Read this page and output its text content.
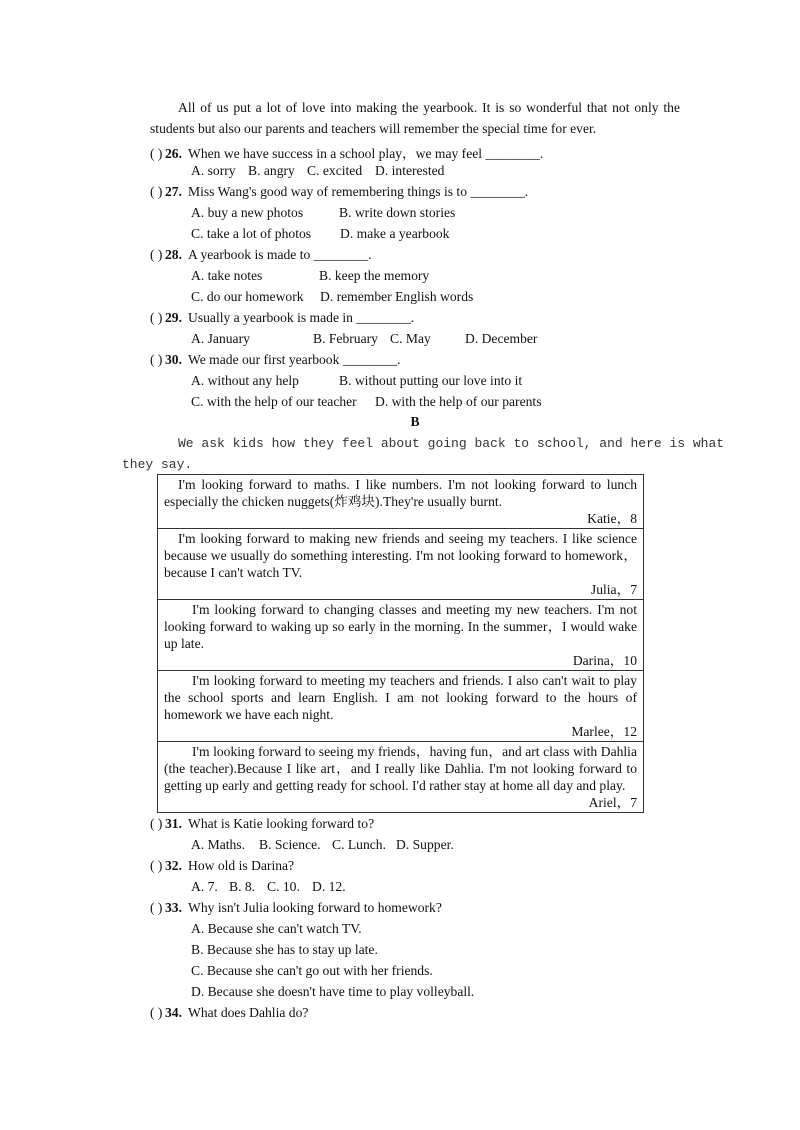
All of us put a lot of love into making the yearbook. It is so wonderful that not only the students but also our parents and teachers will remember the special time for ever.
( ) 26. When we have success in a school play，we may feel ________.
A. sorry B. angry C. excited D. interested
( ) 27. Miss Wang's good way of remembering things is to ________.
A. buy a new photos	B. write down stories
C. take a lot of photos D. make a yearbook
( ) 28. A yearbook is made to ________.
A. take notes	B. keep the memory
C. do our homework D. remember English words
( ) 29. Usually a yearbook is made in ________.
A. January	B. February C. May	D. December
( ) 30. We made our first yearbook ________.
A. without any help	B. without putting our love into it
C. with the help of our teacher D. with the help of our parents
B
We ask kids how they feel about going back to school, and here is what
they say.
I'm looking forward to maths. I like numbers. I'm not looking forward to lunch especially the chicken nuggets(炸鸡块).They're usually burnt.
Katie，8
I'm looking forward to making new friends and seeing my teachers. I like science because we usually do something interesting. I'm not looking forward to homework，because I can't watch TV.
Julia，7
I'm looking forward to changing classes and meeting my new teachers. I'm not looking forward to waking up so early in the morning. In the summer，I would wake up late.
Darina，10
I'm looking forward to meeting my teachers and friends. I also can't wait to play the school sports and learn English. I am not looking forward to the hours of homework we have each night.
Marlee，12
I'm looking forward to seeing my friends，having fun，and art class with Dahlia (the teacher).Because I like art，and I really like Dahlia. I'm not looking forward to getting up early and getting ready for school. I'd rather stay at home all day and play.
Ariel，7
( ) 31. What is Katie looking forward to?
A. Maths. B. Science. C. Lunch. D. Supper.
( ) 32. How old is Darina?
A. 7. B. 8. C. 10. D. 12.
( ) 33. Why isn't Julia looking forward to homework?
A. Because she can't watch TV.
B. Because she has to stay up late.
C. Because she can't go out with her friends.
D. Because she doesn't have time to play volleyball.
( ) 34. What does Dahlia do?
